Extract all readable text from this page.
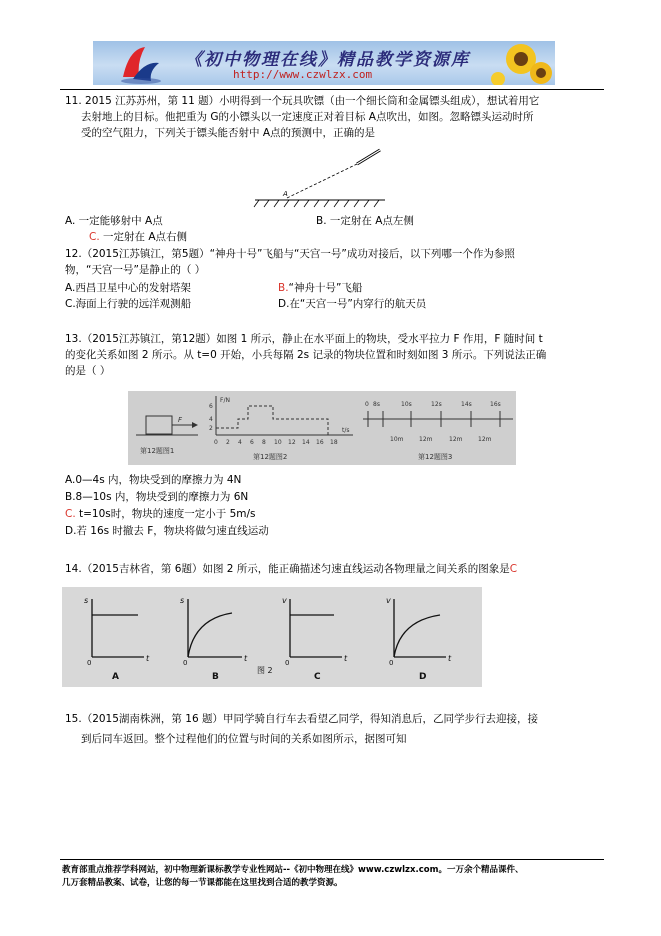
《初中物理在线》精品教学资源库
http://www.czwlzx.com
11. 2015 江苏苏州，第 11 题）小明得到一个玩具吹镖（由一个细长筒和金属镖头组成），想试着用它
去射地上的目标。他把重为 G的小镖头以一定速度正对着目标 A点吹出，如图。忽略镖头运动时所
受的空气阻力，下列关于镖头能否射中 A点的预测中，正确的是
A
A. 一定能够射中 A点	B. 一定射在 A点左侧
C. 一定射在 A点右侧
12.（2015江苏镇江，第5题）“神舟十号”飞船与“天宫一号”成功对接后，以下列哪一个作为参照
物，“天宫一号”是静止的（ ）
A.西昌卫星中心的发射塔架	B.“神舟十号”飞船
C.海面上行驶的远洋观测船	D.在“天宫一号”内穿行的航天员
13.（2015江苏镇江，第12题）如图 1 所示，静止在水平面上的物块，受水平拉力 F 作用，F 随时间 t
的变化关系如图 2 所示。从 t=0 开始，小兵每隔 2s 记录的物块位置和时刻如图 3 所示。下列说法正确
的是（ ）
F
第12题图1
F/N
6
4
2
0 2 4 6 8 10 12 14 16 18
t/s
第12题图2
0 8s	10s	12s	14s	16s
10m	12m	12m	12m
第12题图3
A.0—4s 内，物块受到的摩擦力为 4N
B.8—10s 内，物块受到的摩擦力为 6N
C. t=10s时，物块的速度一定小于 5m/s
D.若 16s 时撤去 F，物块将做匀速直线运动
14.（2015吉林省，第 6题）如图 2 所示，能正确描述匀速直线运动各物理量之间关系的图象是C
s
t
s
t
v
t
v
t
0	0	0	0
A	B	C	D
图 2
15.（2015湖南株洲，第 16 题）甲同学骑自行车去看望乙同学，得知消息后，乙同学步行去迎接，接
到后同车返回。整个过程他们的位置与时间的关系如图所示，据图可知
教育部重点推荐学科网站，初中物理新课标教学专业性网站--《初中物理在线》www.czwlzx.com。一万余个精品课件、
几万套精品教案、试卷，让您的每一节课都能在这里找到合适的教学资源。
